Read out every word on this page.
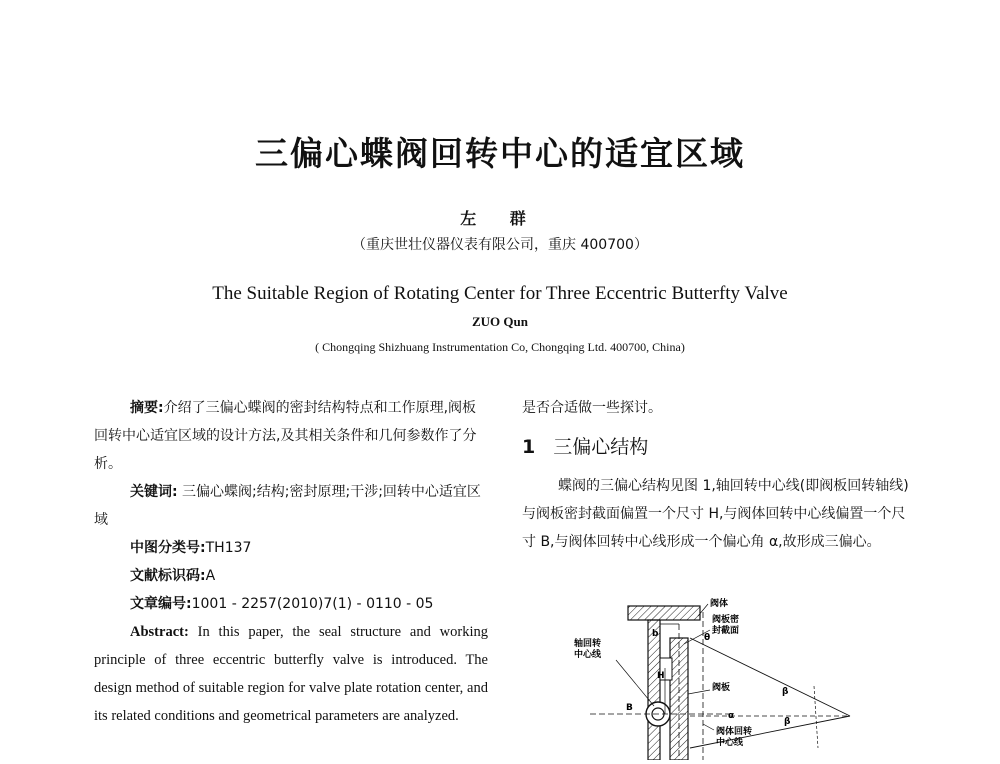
三偏心蝶阀回转中心的适宜区域
左 群
（重庆世壮仪器仪表有限公司，重庆 400700）
The Suitable Region of Rotating Center for Three Eccentric Butterfty Valve
ZUO Qun
( Chongqing Shizhuang Instrumentation Co, Chongqing Ltd. 400700, China)

摘要:介绍了三偏心蝶阀的密封结构特点和工作原理,阀板回转中心适宜区域的设计方法,及其相关条件和几何参数作了分析。

关键词: 三偏心蝶阀;结构;密封原理;干涉;回转中心适宜区域

中图分类号:TH137

文献标识码:A

文章编号:1001 - 2257(2010)7(1) - 0110 - 05

Abstract: In this paper, the seal structure and working principle of three eccentric butterfly valve is introduced. The design method of suitable region for valve plate rotation center, and its related conditions and geometrical parameters are analyzed.

是否合适做一些探讨。

1 三偏心结构

蝶阀的三偏心结构见图 1,轴回转中心线(即阀板回转轴线)与阀板密封截面偏置一个尺寸 H,与阀体回转中心线偏置一个尺寸 B,与阀体回转中心线形成一个偏心角 α,故形成三偏心。

轴回转
中心线
阀体
阀板密
封截面
阀板
阀体回转
中心线
b	θ
H
B
α
β
β
